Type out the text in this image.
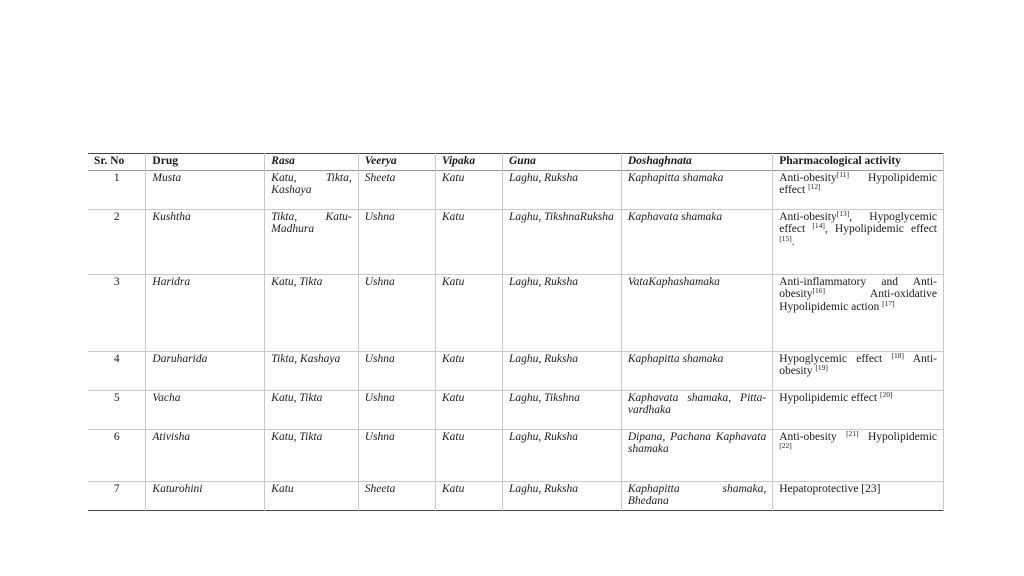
Sr. No	Drug	Rasa	Veerya	Vipaka	Guna	Doshaghnata	Pharmacological activity
1	Musta	Katu, Tikta, Kashaya	Sheeta	Katu	Laghu, Ruksha	Kaphapitta shamaka	Anti-obesity[11] Hypolipidemic effect [12]
2	Kushtha	Tikta, Katu-Madhura	Ushna	Katu	Laghu, TikshnaRuksha	Kaphavata shamaka	Anti-obesity[13], Hypoglycemic effect [14], Hypolipidemic effect [15].
3	Haridra	Katu, Tikta	Ushna	Katu	Laghu, Ruksha	VataKaphashamaka	Anti-inflammatory and Anti-obesity[16] Anti-oxidative Hypolipidemic action [17]
4	Daruharida	Tikta, Kashaya	Ushna	Katu	Laghu, Ruksha	Kaphapitta shamaka	Hypoglycemic effect [18] Anti-obesity [19]
5	Vacha	Katu, Tikta	Ushna	Katu	Laghu, Tikshna	Kaphavata shamaka, Pitta-vardhaka	Hypolipidemic effect [20]
6	Ativisha	Katu, Tikta	Ushna	Katu	Laghu, Ruksha	Dipana, Pachana Kaphavata shamaka	Anti-obesity [21] Hypolipidemic [22]
7	Katurohini	Katu	Sheeta	Katu	Laghu, Ruksha	Kaphapitta shamaka, Bhedana	Hepatoprotective [23]
